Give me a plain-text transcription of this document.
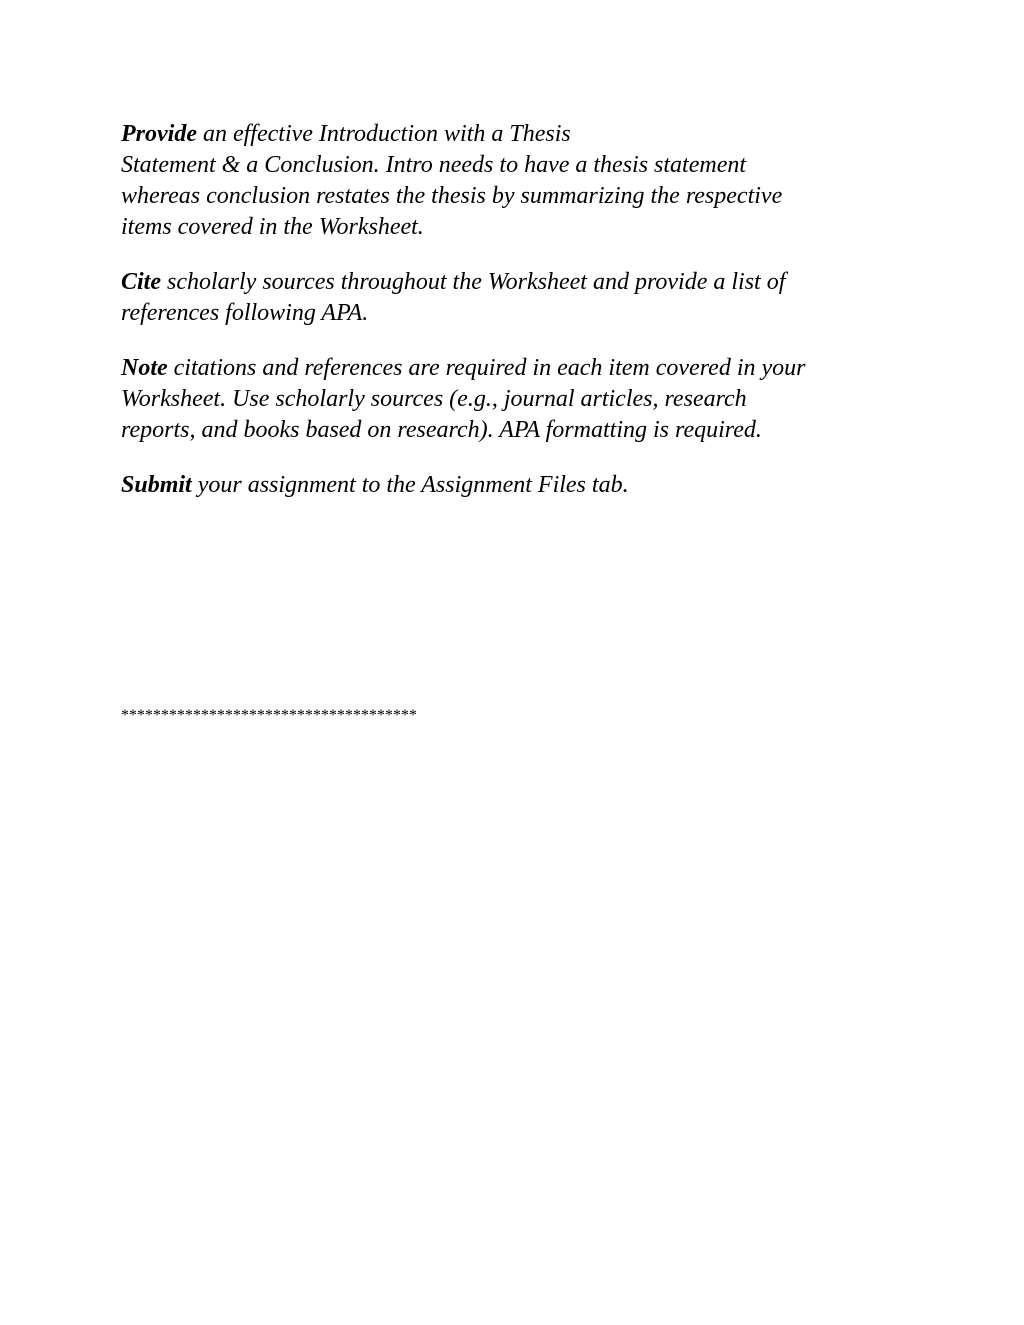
Provide an effective Introduction with a Thesis
Statement & a Conclusion. Intro needs to have a thesis statement
whereas conclusion restates the thesis by summarizing the respective
items covered in the Worksheet.

Cite scholarly sources throughout the Worksheet and provide a list of
references following APA.

Note citations and references are required in each item covered in your
Worksheet. Use scholarly sources (e.g., journal articles, research
reports, and books based on research). APA formatting is required.

Submit your assignment to the Assignment Files tab.

*************************************
